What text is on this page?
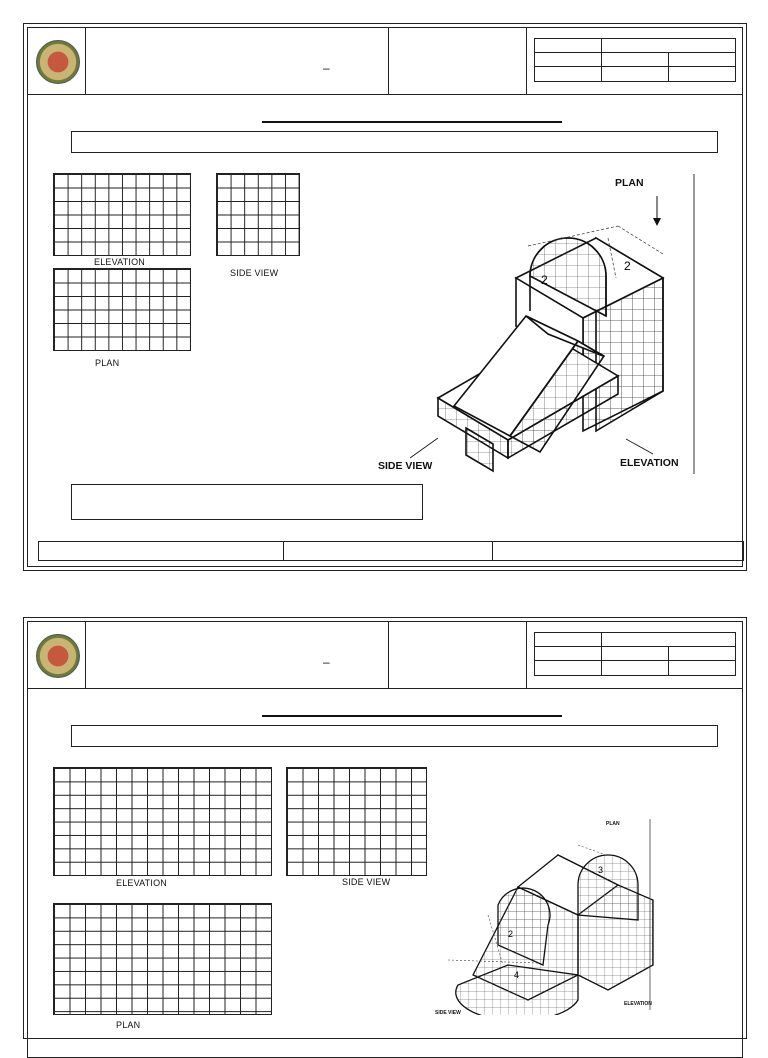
–
ELEVATION
SIDE VIEW
PLAN
2
2
PLAN
SIDE VIEW	ELEVATION
–
ELEVATION	SIDE VIEW
PLAN
3
2
4
PLAN
SIDE VIEW
ELEVATION
